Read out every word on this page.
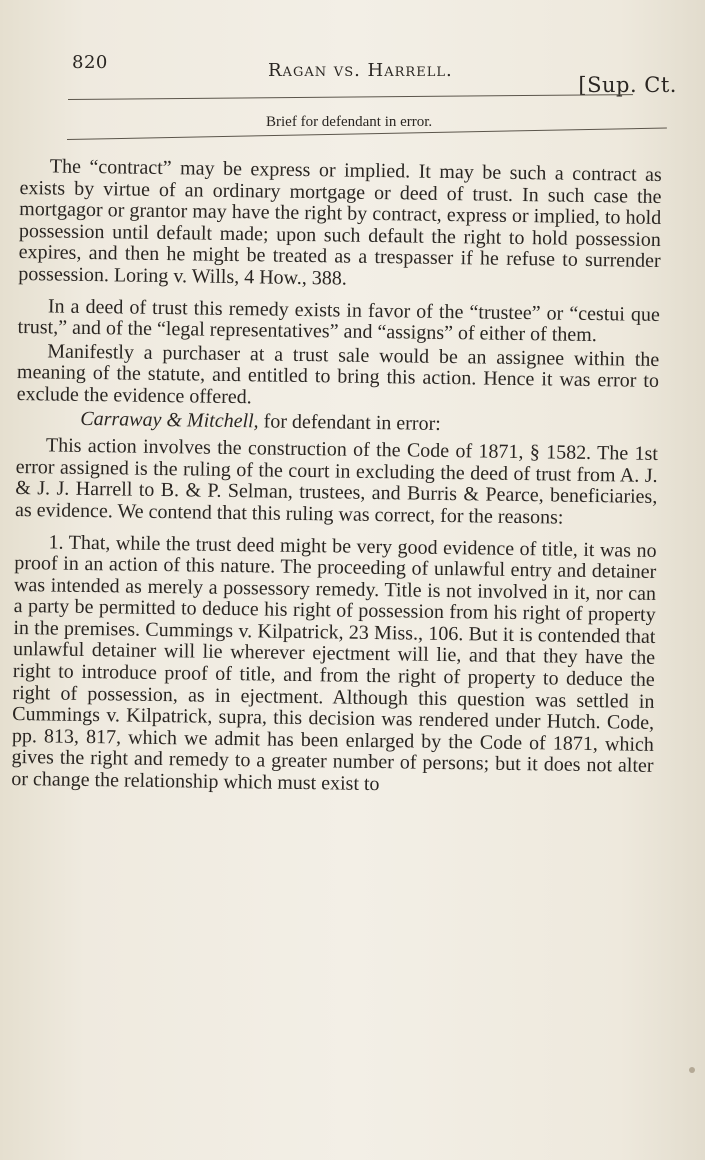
820	Ragan vs. Harrell.
[Sup. Ct.
Brief for defendant in error.

The “contract” may be express or implied. It may be such a contract as exists by virtue of an ordinary mortgage or deed of trust. In such case the mortgagor or grantor may have the right by contract, express or implied, to hold possession until default made; upon such default the right to hold possession expires, and then he might be treated as a trespasser if he refuse to surrender possession. Loring v. Wills, 4 How., 388.

In a deed of trust this remedy exists in favor of the “trustee” or “cestui que trust,” and of the “legal representatives” and “assigns” of either of them.

Manifestly a purchaser at a trust sale would be an assignee within the meaning of the statute, and entitled to bring this action. Hence it was error to exclude the evidence offered.

Carraway & Mitchell, for defendant in error:

This action involves the construction of the Code of 1871, § 1582. The 1st error assigned is the ruling of the court in excluding the deed of trust from A. J. & J. J. Harrell to B. & P. Selman, trustees, and Burris & Pearce, beneficiaries, as evidence. We contend that this ruling was correct, for the reasons:

1. That, while the trust deed might be very good evidence of title, it was no proof in an action of this nature. The proceeding of unlawful entry and detainer was intended as merely a possessory remedy. Title is not involved in it, nor can a party be permitted to deduce his right of possession from his right of property in the premises. Cummings v. Kilpatrick, 23 Miss., 106. But it is contended that unlawful detainer will lie wherever ejectment will lie, and that they have the right to introduce proof of title, and from the right of property to deduce the right of possession, as in ejectment. Although this question was settled in Cummings v. Kilpatrick, supra, this decision was rendered under Hutch. Code, pp. 813, 817, which we admit has been enlarged by the Code of 1871, which gives the right and remedy to a greater number of persons; but it does not alter or change the relationship which must exist to
